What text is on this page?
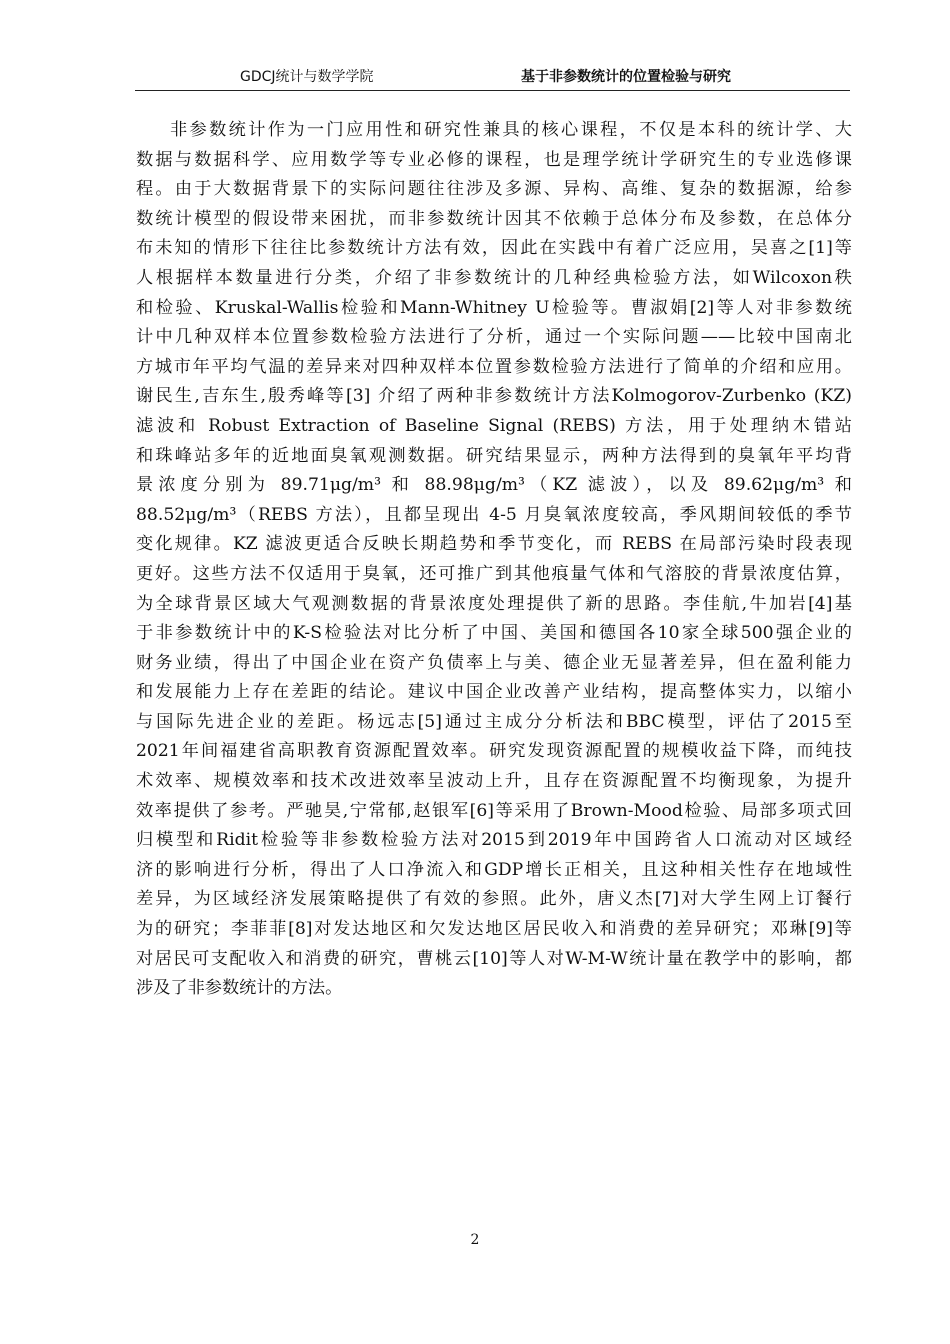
GDCJ统计与数学学院	基于非参数统计的位置检验与研究
非参数统计作为一门应用性和研究性兼具的核心课程，不仅是本科的统计学、大
数据与数据科学、应用数学等专业必修的课程，也是理学统计学研究生的专业选修课
程。由于大数据背景下的实际问题往往涉及多源、异构、高维、复杂的数据源，给参
数统计模型的假设带来困扰，而非参数统计因其不依赖于总体分布及参数，在总体分
布未知的情形下往往比参数统计方法有效，因此在实践中有着广泛应用，吴喜之[1]等
人根据样本数量进行分类，介绍了非参数统计的几种经典检验方法，如Wilcoxon秩
和检验、Kruskal-Wallis检验和Mann-Whitney U检验等。曹淑娟[2]等人对非参数统
计中几种双样本位置参数检验方法进行了分析，通过一个实际问题——比较中国南北
方城市年平均气温的差异来对四种双样本位置参数检验方法进行了简单的介绍和应用。
谢民生,吉东生,殷秀峰等[3] 介绍了两种非参数统计方法Kolmogorov-Zurbenko (KZ)
滤波和 Robust Extraction of Baseline Signal (REBS) 方法，用于处理纳木错站
和珠峰站多年的近地面臭氧观测数据。研究结果显示，两种方法得到的臭氧年平均背
景浓度分别为 89.71μg/m³ 和 88.98μg/m³（KZ 滤波），以及 89.62μg/m³ 和
88.52μg/m³（REBS 方法），且都呈现出 4-5 月臭氧浓度较高，季风期间较低的季节
变化规律。KZ 滤波更适合反映长期趋势和季节变化，而 REBS 在局部污染时段表现
更好。这些方法不仅适用于臭氧，还可推广到其他痕量气体和气溶胶的背景浓度估算，
为全球背景区域大气观测数据的背景浓度处理提供了新的思路。李佳航,牛加岩[4]基
于非参数统计中的K-S检验法对比分析了中国、美国和德国各10家全球500强企业的
财务业绩，得出了中国企业在资产负债率上与美、德企业无显著差异，但在盈利能力
和发展能力上存在差距的结论。建议中国企业改善产业结构，提高整体实力，以缩小
与国际先进企业的差距。杨远志[5]通过主成分分析法和BBC模型，评估了2015至
2021年间福建省高职教育资源配置效率。研究发现资源配置的规模收益下降，而纯技
术效率、规模效率和技术改进效率呈波动上升，且存在资源配置不均衡现象，为提升
效率提供了参考。严驰昊,宁常郁,赵银军[6]等采用了Brown-Mood检验、局部多项式回
归模型和Ridit检验等非参数检验方法对2015到2019年中国跨省人口流动对区域经
济的影响进行分析，得出了人口净流入和GDP增长正相关，且这种相关性存在地域性
差异，为区域经济发展策略提供了有效的参照。此外，唐义杰[7]对大学生网上订餐行
为的研究；李菲菲[8]对发达地区和欠发达地区居民收入和消费的差异研究；邓琳[9]等
对居民可支配收入和消费的研究，曹桃云[10]等人对W-M-W统计量在教学中的影响，都
涉及了非参数统计的方法。
2
